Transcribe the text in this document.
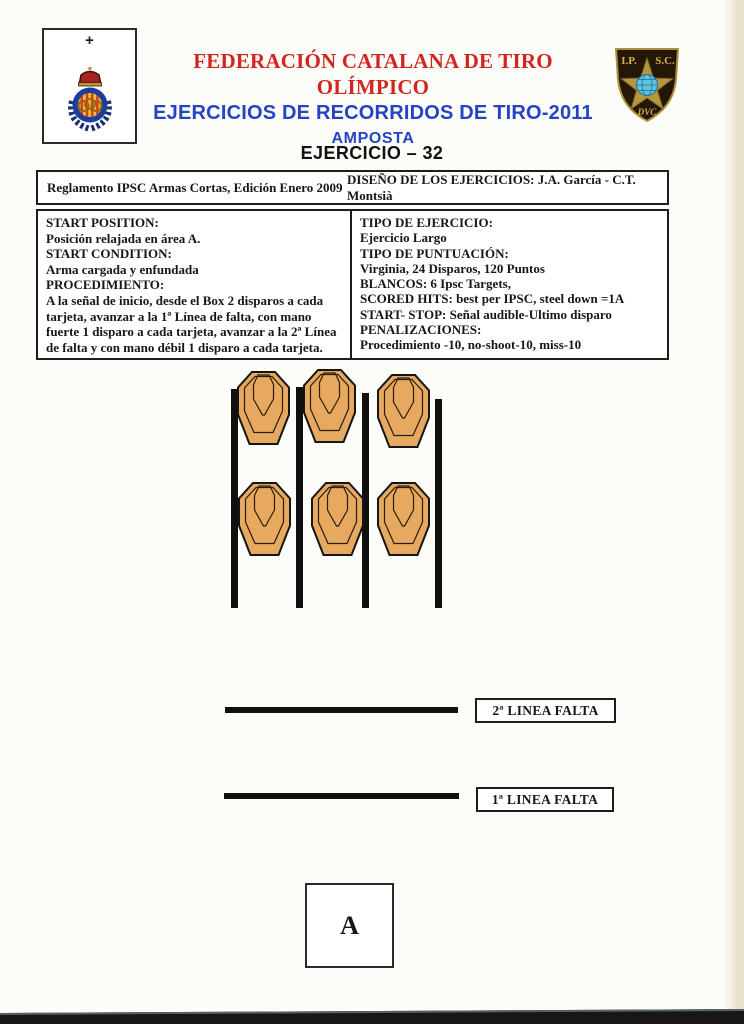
+
FEDERACIÓN CATALANA DE TIRO OLÍMPICO
EJERCICIOS DE RECORRIDOS DE TIRO-2011
AMPOSTA
I.P. S.C.
DVC
EJERCICIO – 32
Reglamento IPSC Armas Cortas, Edición Enero 2009
DISEÑO DE LOS EJERCICIOS: J.A. García - C.T. Montsià
START POSITION:
Posición relajada en área A.
START CONDITION:
Arma cargada y enfundada
PROCEDIMIENTO:
A la señal de inicio, desde el Box 2 disparos a cada tarjeta, avanzar a la 1ª Línea de falta, con mano fuerte 1 disparo a cada tarjeta, avanzar a la 2ª Línea de falta y con mano débil 1 disparo a cada tarjeta.
TIPO DE EJERCICIO:
Ejercicio Largo
TIPO DE PUNTUACIÓN:
Virginia, 24 Disparos, 120 Puntos
BLANCOS: 6 Ipsc Targets,
SCORED HITS: best per IPSC, steel down =1A
START- STOP: Señal audible-Ultimo disparo
PENALIZACIONES:
Procedimiento -10, no-shoot-10, miss-10
2ª LINEA FALTA
1ª LINEA FALTA
A
